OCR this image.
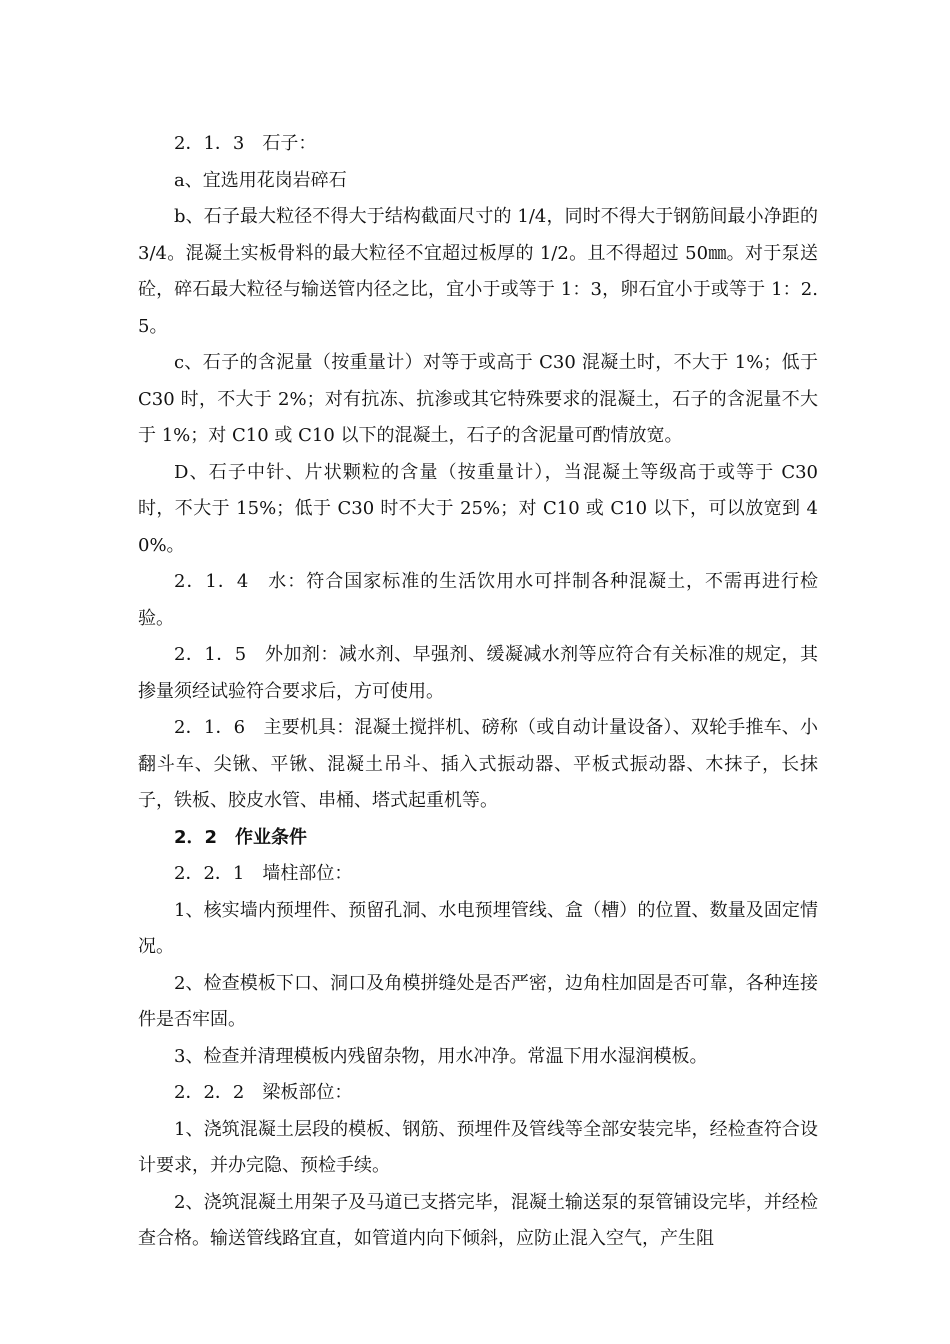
2．1．3　石子：

a、宜选用花岗岩碎石

b、石子最大粒径不得大于结构截面尺寸的 1/4，同时不得大于钢筋间最小净距的 3/4。混凝土实板骨料的最大粒径不宜超过板厚的 1/2。且不得超过 50㎜。对于泵送砼，碎石最大粒径与输送管内径之比，宜小于或等于 1：3，卵石宜小于或等于 1：2.5。

c、石子的含泥量（按重量计）对等于或高于 C30 混凝土时，不大于 1%；低于 C30 时，不大于 2%；对有抗冻、抗渗或其它特殊要求的混凝土，石子的含泥量不大于 1%；对 C10 或 C10 以下的混凝土，石子的含泥量可酌情放宽。

D、石子中针、片状颗粒的含量（按重量计），当混凝土等级高于或等于 C30 时，不大于 15%；低于 C30 时不大于 25%；对 C10 或 C10 以下，可以放宽到 40%。

2．1．4　水：符合国家标准的生活饮用水可拌制各种混凝土，不需再进行检验。

2．1．5　外加剂：减水剂、早强剂、缓凝减水剂等应符合有关标准的规定，其掺量须经试验符合要求后，方可使用。

2．1．6　主要机具：混凝土搅拌机、磅称（或自动计量设备）、双轮手推车、小翻斗车、尖锹、平锹、混凝土吊斗、插入式振动器、平板式振动器、木抹子，长抹子，铁板、胶皮水管、串桶、塔式起重机等。

2．2　作业条件

2．2．1　墙柱部位：

1、核实墙内预埋件、预留孔洞、水电预埋管线、盒（槽）的位置、数量及固定情况。

2、检查模板下口、洞口及角模拼缝处是否严密，边角柱加固是否可靠，各种连接件是否牢固。

3、检查并清理模板内残留杂物，用水冲净。常温下用水湿润模板。

2．2．2　梁板部位：

1、浇筑混凝土层段的模板、钢筋、预埋件及管线等全部安装完毕，经检查符合设计要求，并办完隐、预检手续。

2、浇筑混凝土用架子及马道已支搭完毕，混凝土输送泵的泵管铺设完毕，并经检查合格。输送管线路宜直，如管道内向下倾斜，应防止混入空气，产生阻
